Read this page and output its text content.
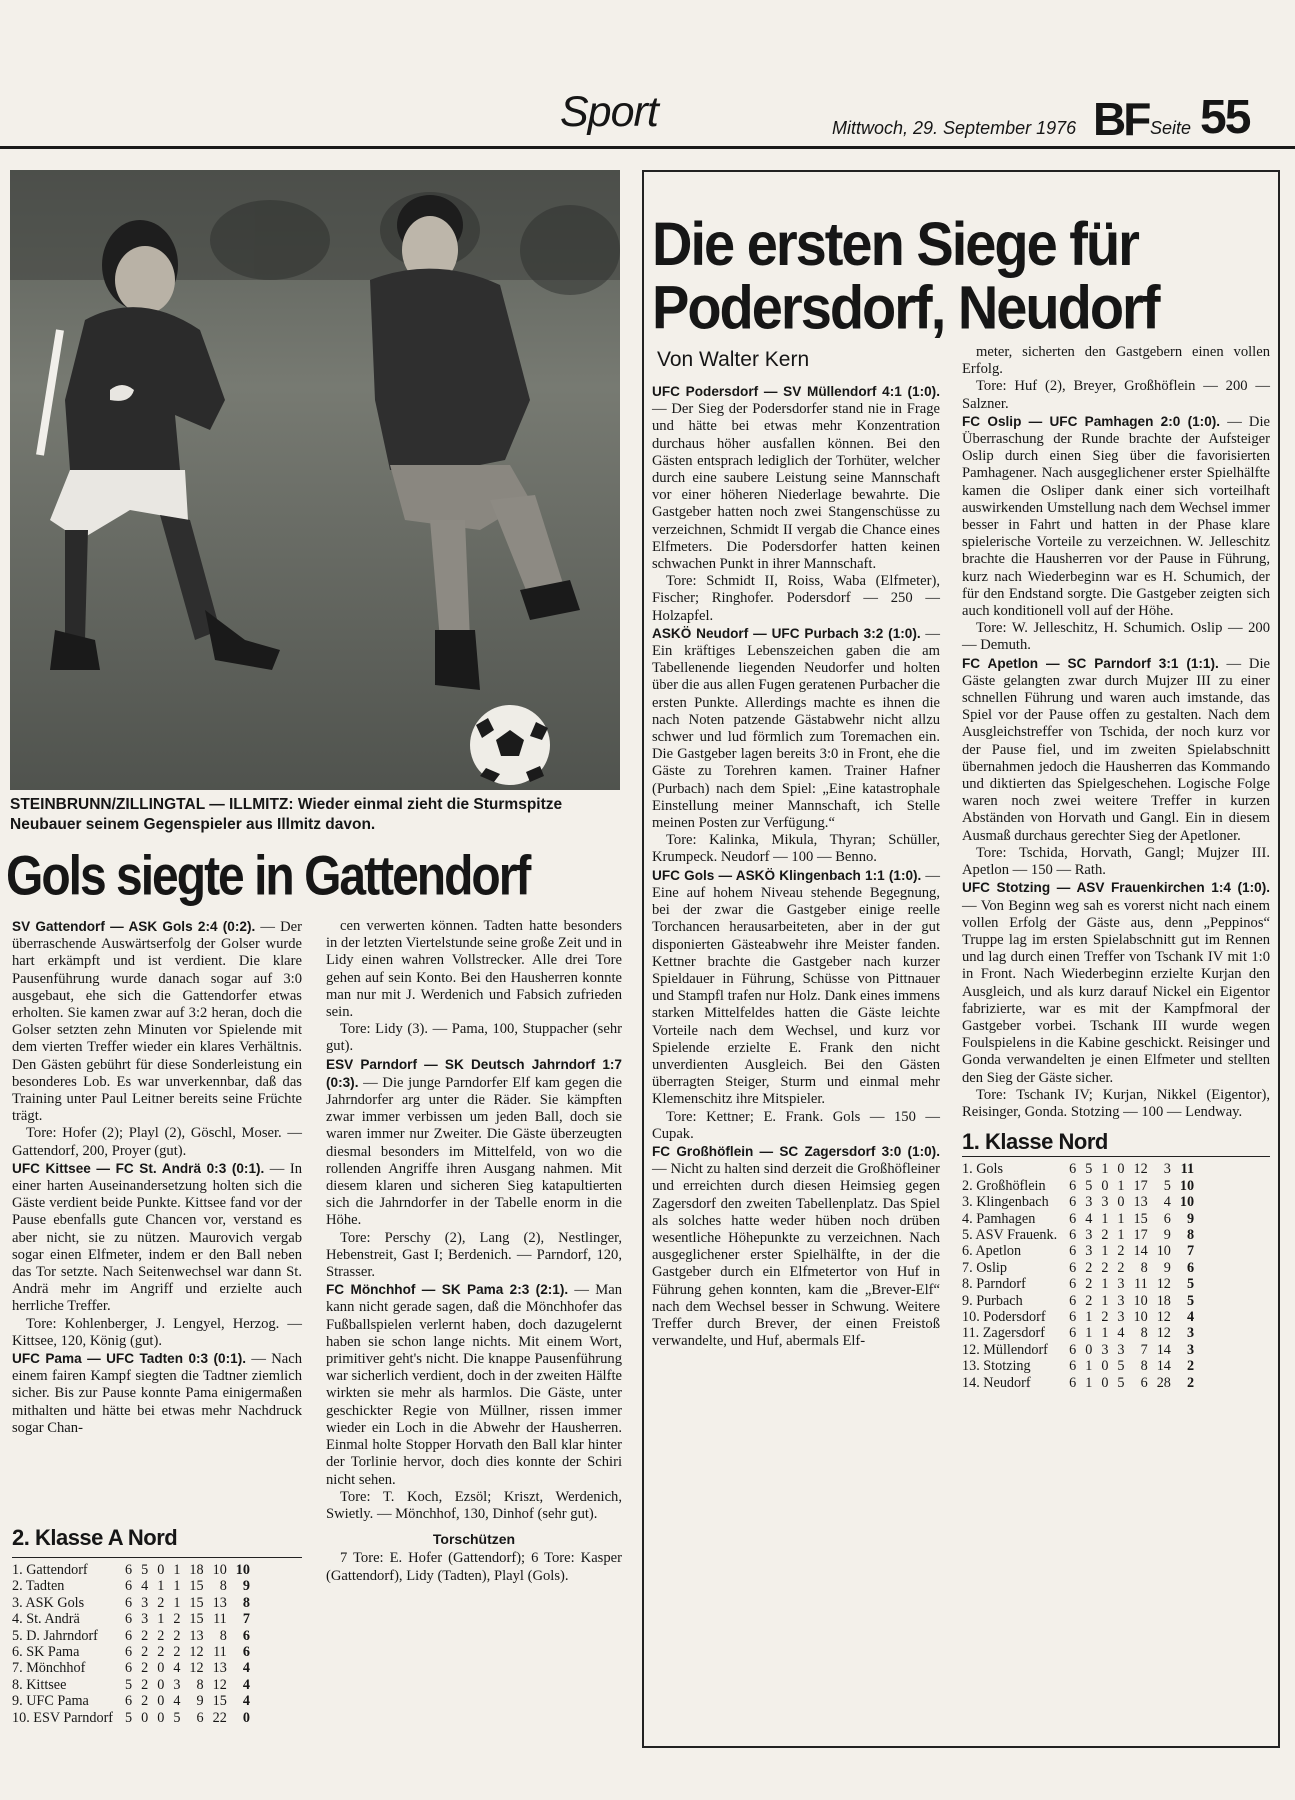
Sport	Mittwoch, 29. September 1976 BF Seite 55
STEINBRUNN/ZILLINGTAL — ILLMITZ: Wieder einmal zieht die Sturmspitze Neubauer seinem Gegenspieler aus Illmitz davon.
Gols siegte in Gattendorf

SV Gattendorf — ASK Gols 2:4 (0:2). — Der überraschende Auswärtserfolg der Golser wurde hart erkämpft und ist verdient. Die klare Pausenführung wurde danach sogar auf 3:0 ausgebaut, ehe sich die Gattendorfer etwas erholten. Sie kamen zwar auf 3:2 heran, doch die Golser setzten zehn Minuten vor Spielende mit dem vierten Treffer wieder ein klares Verhältnis. Den Gästen gebührt für diese Sonderleistung ein besonderes Lob. Es war unverkennbar, daß das Training unter Paul Leitner bereits seine Früchte trägt.

Tore: Hofer (2); Playl (2), Göschl, Moser. — Gattendorf, 200, Proyer (gut).

UFC Kittsee — FC St. Andrä 0:3 (0:1). — In einer harten Auseinandersetzung holten sich die Gäste verdient beide Punkte. Kittsee fand vor der Pause ebenfalls gute Chancen vor, verstand es aber nicht, sie zu nützen. Maurovich vergab sogar einen Elfmeter, indem er den Ball neben das Tor setzte. Nach Seitenwechsel war dann St. Andrä mehr im Angriff und erzielte auch herrliche Treffer.

Tore: Kohlenberger, J. Lengyel, Herzog. — Kittsee, 120, König (gut).

UFC Pama — UFC Tadten 0:3 (0:1). — Nach einem fairen Kampf siegten die Tadtner ziemlich sicher. Bis zur Pause konnte Pama einigermaßen mithalten und hätte bei etwas mehr Nachdruck sogar Chan-

2. Klasse A Nord
1. Gattendorf	6	5	0	1	18	10	10
2. Tadten	6	4	1	1	15	8	9
3. ASK Gols	6	3	2	1	15	13	8
4. St. Andrä	6	3	1	2	15	11	7
5. D. Jahrndorf	6	2	2	2	13	8	6
6. SK Pama	6	2	2	2	12	11	6
7. Mönchhof	6	2	0	4	12	13	4
8. Kittsee	5	2	0	3	8	12	4
9. UFC Pama	6	2	0	4	9	15	4
10. ESV Parndorf	5	0	0	5	6	22	0

cen verwerten können. Tadten hatte besonders in der letzten Viertelstunde seine große Zeit und in Lidy einen wahren Vollstrecker. Alle drei Tore gehen auf sein Konto. Bei den Hausherren konnte man nur mit J. Werdenich und Fabsich zufrieden sein.

Tore: Lidy (3). — Pama, 100, Stuppacher (sehr gut).

ESV Parndorf — SK Deutsch Jahrndorf 1:7 (0:3). — Die junge Parndorfer Elf kam gegen die Jahrndorfer arg unter die Räder. Sie kämpften zwar immer verbissen um jeden Ball, doch sie waren immer nur Zweiter. Die Gäste überzeugten diesmal besonders im Mittelfeld, von wo die rollenden Angriffe ihren Ausgang nahmen. Mit diesem klaren und sicheren Sieg katapultierten sich die Jahrndorfer in der Tabelle enorm in die Höhe.

Tore: Perschy (2), Lang (2), Nestlinger, Hebenstreit, Gast I; Berdenich. — Parndorf, 120, Strasser.

FC Mönchhof — SK Pama 2:3 (2:1). — Man kann nicht gerade sagen, daß die Mönchhofer das Fußballspielen verlernt haben, doch dazugelernt haben sie schon lange nichts. Mit einem Wort, primitiver geht's nicht. Die knappe Pausenführung war sicherlich verdient, doch in der zweiten Hälfte wirkten sie mehr als harmlos. Die Gäste, unter geschickter Regie von Müllner, rissen immer wieder ein Loch in die Abwehr der Hausherren. Einmal holte Stopper Horvath den Ball klar hinter der Torlinie hervor, doch dies konnte der Schiri nicht sehen.

Tore: T. Koch, Ezsöl; Kriszt, Werdenich, Swietly. — Mönchhof, 130, Dinhof (sehr gut).

Torschützen

7 Tore: E. Hofer (Gattendorf); 6 Tore: Kasper (Gattendorf), Lidy (Tadten), Playl (Gols).

Die ersten Siege für
Podersdorf, Neudorf
Von Walter Kern

UFC Podersdorf — SV Müllendorf 4:1 (1:0). — Der Sieg der Podersdorfer stand nie in Frage und hätte bei etwas mehr Konzentration durchaus höher ausfallen können. Bei den Gästen entsprach lediglich der Torhüter, welcher durch eine saubere Leistung seine Mannschaft vor einer höheren Niederlage bewahrte. Die Gastgeber hatten noch zwei Stangenschüsse zu verzeichnen, Schmidt II vergab die Chance eines Elfmeters. Die Podersdorfer hatten keinen schwachen Punkt in ihrer Mannschaft.

Tore: Schmidt II, Roiss, Waba (Elfmeter), Fischer; Ringhofer. Podersdorf — 250 — Holzapfel.

ASKÖ Neudorf — UFC Purbach 3:2 (1:0). — Ein kräftiges Lebenszeichen gaben die am Tabellenende liegenden Neudorfer und holten über die aus allen Fugen geratenen Purbacher die ersten Punkte. Allerdings machte es ihnen die nach Noten patzende Gästabwehr nicht allzu schwer und lud förmlich zum Toremachen ein. Die Gastgeber lagen bereits 3:0 in Front, ehe die Gäste zu Torehren kamen. Trainer Hafner (Purbach) nach dem Spiel: „Eine katastrophale Einstellung meiner Mannschaft, ich Stelle meinen Posten zur Verfügung.“

Tore: Kalinka, Mikula, Thyran; Schüller, Krumpeck. Neudorf — 100 — Benno.

UFC Gols — ASKÖ Klingenbach 1:1 (1:0). — Eine auf hohem Niveau stehende Begegnung, bei der zwar die Gastgeber einige reelle Torchancen herausarbeiteten, aber in der gut disponierten Gästeabwehr ihre Meister fanden. Kettner brachte die Gastgeber nach kurzer Spieldauer in Führung, Schüsse von Pittnauer und Stampfl trafen nur Holz. Dank eines immens starken Mittelfeldes hatten die Gäste leichte Vorteile nach dem Wechsel, und kurz vor Spielende erzielte E. Frank den nicht unverdienten Ausgleich. Bei den Gästen überragten Steiger, Sturm und einmal mehr Klemenschitz ihre Mitspieler.

Tore: Kettner; E. Frank. Gols — 150 — Cupak.

FC Großhöflein — SC Zagersdorf 3:0 (1:0). — Nicht zu halten sind derzeit die Großhöfleiner und erreichten durch diesen Heimsieg gegen Zagersdorf den zweiten Tabellenplatz. Das Spiel als solches hatte weder hüben noch drüben wesentliche Höhepunkte zu verzeichnen. Nach ausgeglichener erster Spielhälfte, in der die Gastgeber durch ein Elfmetertor von Huf in Führung gehen konnten, kam die „Brever-Elf“ nach dem Wechsel besser in Schwung. Weitere Treffer durch Brever, der einen Freistoß verwandelte, und Huf, abermals Elf-

meter, sicherten den Gastgebern einen vollen Erfolg.

Tore: Huf (2), Breyer, Großhöflein — 200 — Salzner.

FC Oslip — UFC Pamhagen 2:0 (1:0). — Die Überraschung der Runde brachte der Aufsteiger Oslip durch einen Sieg über die favorisierten Pamhagener. Nach ausgeglichener erster Spielhälfte kamen die Osliper dank einer sich vorteilhaft auswirkenden Umstellung nach dem Wechsel immer besser in Fahrt und hatten in der Phase klare spielerische Vorteile zu verzeichnen. W. Jelleschitz brachte die Hausherren vor der Pause in Führung, kurz nach Wiederbeginn war es H. Schumich, der für den Endstand sorgte. Die Gastgeber zeigten sich auch konditionell voll auf der Höhe.

Tore: W. Jelleschitz, H. Schumich. Oslip — 200 — Demuth.

FC Apetlon — SC Parndorf 3:1 (1:1). — Die Gäste gelangten zwar durch Mujzer III zu einer schnellen Führung und waren auch imstande, das Spiel vor der Pause offen zu gestalten. Nach dem Ausgleichstreffer von Tschida, der noch kurz vor der Pause fiel, und im zweiten Spielabschnitt übernahmen jedoch die Hausherren das Kommando und diktierten das Spielgeschehen. Logische Folge waren noch zwei weitere Treffer in kurzen Abständen von Horvath und Gangl. Ein in diesem Ausmaß durchaus gerechter Sieg der Apetloner.

Tore: Tschida, Horvath, Gangl; Mujzer III. Apetlon — 150 — Rath.

UFC Stotzing — ASV Frauenkirchen 1:4 (1:0). — Von Beginn weg sah es vorerst nicht nach einem vollen Erfolg der Gäste aus, denn „Peppinos“ Truppe lag im ersten Spielabschnitt gut im Rennen und lag durch einen Treffer von Tschank IV mit 1:0 in Front. Nach Wiederbeginn erzielte Kurjan den Ausgleich, und als kurz darauf Nickel ein Eigentor fabrizierte, war es mit der Kampfmoral der Gastgeber vorbei. Tschank III wurde wegen Foulspielens in die Kabine geschickt. Reisinger und Gonda verwandelten je einen Elfmeter und stellten den Sieg der Gäste sicher.

Tore: Tschank IV; Kurjan, Nikkel (Eigentor), Reisinger, Gonda. Stotzing — 100 — Lendway.

1. Klasse Nord
1. Gols	6	5	1	0	12	3	11
2. Großhöflein	6	5	0	1	17	5	10
3. Klingenbach	6	3	3	0	13	4	10
4. Pamhagen	6	4	1	1	15	6	9
5. ASV Frauenk.	6	3	2	1	17	9	8
6. Apetlon	6	3	1	2	14	10	7
7. Oslip	6	2	2	2	8	9	6
8. Parndorf	6	2	1	3	11	12	5
9. Purbach	6	2	1	3	10	18	5
10. Podersdorf	6	1	2	3	10	12	4
11. Zagersdorf	6	1	1	4	8	12	3
12. Müllendorf	6	0	3	3	7	14	3
13. Stotzing	6	1	0	5	8	14	2
14. Neudorf	6	1	0	5	6	28	2
